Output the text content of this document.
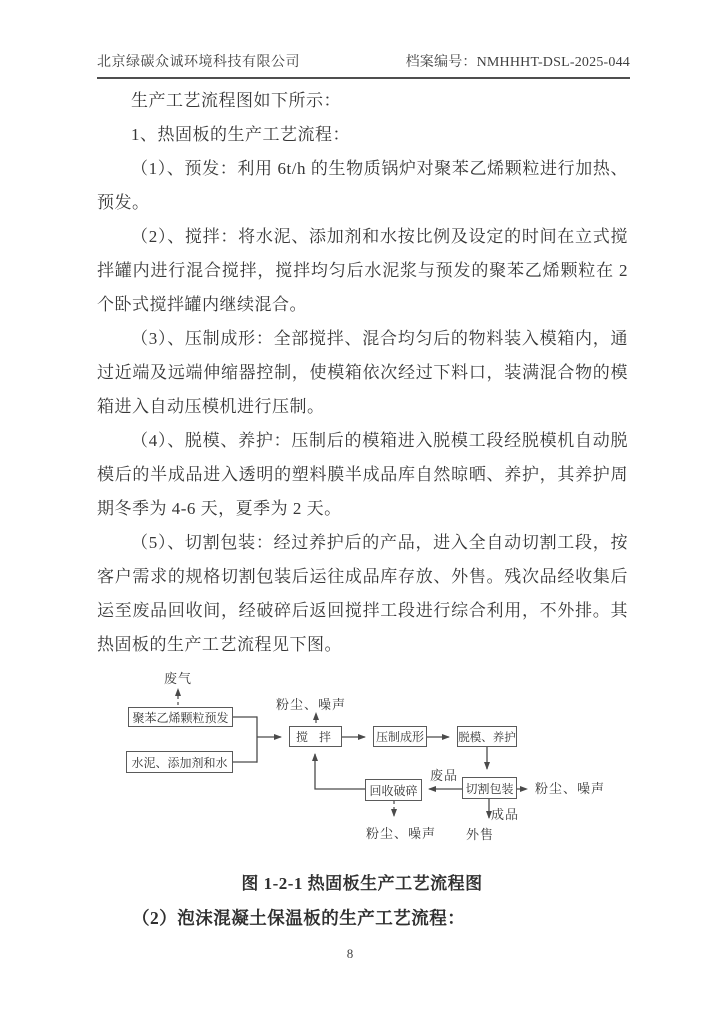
北京绿碳众诚环境科技有限公司	档案编号：NMHHHT-DSL-2025-044

生产工艺流程图如下所示：

1、热固板的生产工艺流程：

（1）、预发：利用 6t/h 的生物质锅炉对聚苯乙烯颗粒进行加热、预发。

（2）、搅拌：将水泥、添加剂和水按比例及设定的时间在立式搅拌罐内进行混合搅拌，搅拌均匀后水泥浆与预发的聚苯乙烯颗粒在 2 个卧式搅拌罐内继续混合。

（3）、压制成形：全部搅拌、混合均匀后的物料装入模箱内，通过近端及远端伸缩器控制，使模箱依次经过下料口，装满混合物的模箱进入自动压模机进行压制。

（4）、脱模、养护：压制后的模箱进入脱模工段经脱模机自动脱模后的半成品进入透明的塑料膜半成品库自然晾晒、养护，其养护周期冬季为 4-6 天，夏季为 2 天。

（5）、切割包装：经过养护后的产品，进入全自动切割工段，按客户需求的规格切割包装后运往成品库存放、外售。残次品经收集后运至废品回收间，经破碎后返回搅拌工段进行综合利用，不外排。其热固板的生产工艺流程见下图。

聚苯乙烯颗粒预发
水泥、添加剂和水
搅 拌	压制成形	脱模、养护
切割包装
回收破碎
废气
粉尘、噪声
废品
粉尘、噪声
成品
外售
粉尘、噪声
图 1-2-1 热固板生产工艺流程图
（2）泡沫混凝土保温板的生产工艺流程：
8
